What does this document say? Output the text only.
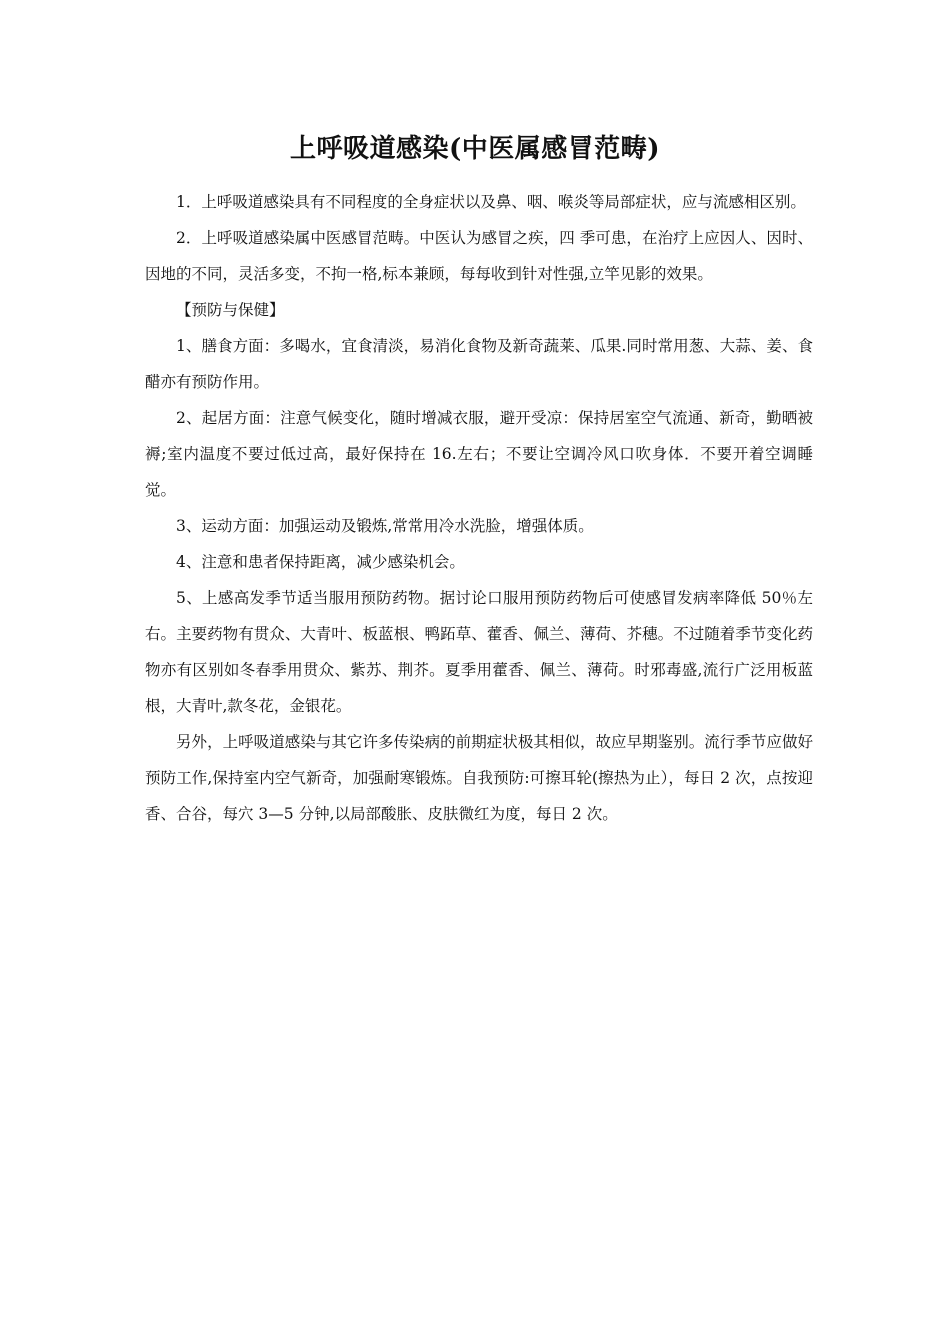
上呼吸道感染(中医属感冒范畴)

1．上呼吸道感染具有不同程度的全身症状以及鼻、咽、喉炎等局部症状，应与流感相区别。

2．上呼吸道感染属中医感冒范畴。中医认为感冒之疾，四 季可患，在治疗上应因人、因时、因地的不同，灵活多变，不拘一格,标本兼顾，每每收到针对性强,立竿见影的效果。

【预防与保健】

1、膳食方面：多喝水，宜食清淡，易消化食物及新奇蔬莱、瓜果.同时常用葱、大蒜、姜、食醋亦有预防作用。

2、起居方面：注意气候变化，随时增减衣服，避开受凉：保持居室空气流通、新奇，勤晒被褥;室内温度不要过低过高，最好保持在 16.左右；不要让空调冷风口吹身体．不要开着空调睡觉。

3、运动方面：加强运动及锻炼,常常用冷水洗脸，增强体质。

4、注意和患者保持距离，减少感染机会。

5、上感高发季节适当服用预防药物。据讨论口服用预防药物后可使感冒发病率降低 50％左右。主要药物有贯众、大青叶、板蓝根、鸭跖草、藿香、佩兰、薄荷、芥穗。不过随着季节变化药物亦有区别如冬春季用贯众、紫苏、荆芥。夏季用藿香、佩兰、薄荷。时邪毒盛,流行广泛用板蓝根，大青叶,款冬花，金银花。

另外，上呼吸道感染与其它许多传染病的前期症状极其相似，故应早期鉴别。流行季节应做好预防工作,保持室内空气新奇，加强耐寒锻炼。自我预防:可擦耳轮(擦热为止），每日 2 次，点按迎香、合谷，每穴 3—5 分钟,以局部酸胀、皮肤微红为度，每日 2 次。
